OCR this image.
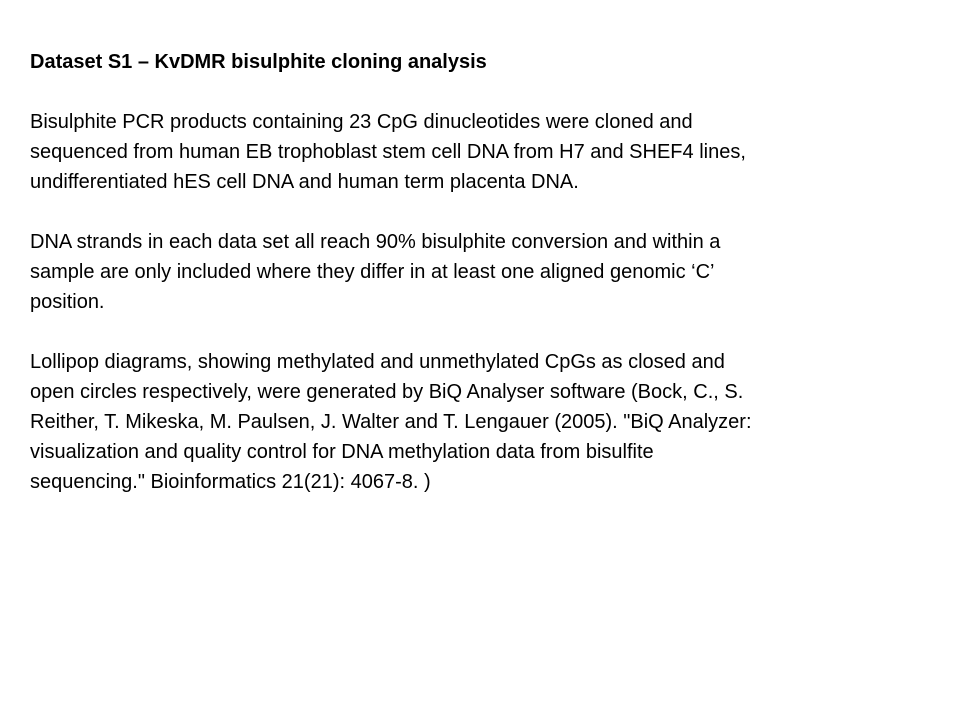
Dataset S1 – KvDMR bisulphite cloning analysis
Bisulphite PCR products containing 23 CpG dinucleotides were cloned and
sequenced from human EB trophoblast stem cell DNA from H7 and SHEF4 lines,
undifferentiated hES cell DNA and human term placenta DNA.
DNA strands in each data set all reach 90% bisulphite conversion and within a
sample are only included where they differ in at least one aligned genomic ‘C’
position.
Lollipop diagrams, showing methylated and unmethylated CpGs as closed and
open circles respectively, were generated by BiQ Analyser software (Bock, C., S.
Reither, T. Mikeska, M. Paulsen, J. Walter and T. Lengauer (2005). "BiQ Analyzer:
visualization and quality control for DNA methylation data from bisulfite
sequencing." Bioinformatics 21(21): 4067-8. )
